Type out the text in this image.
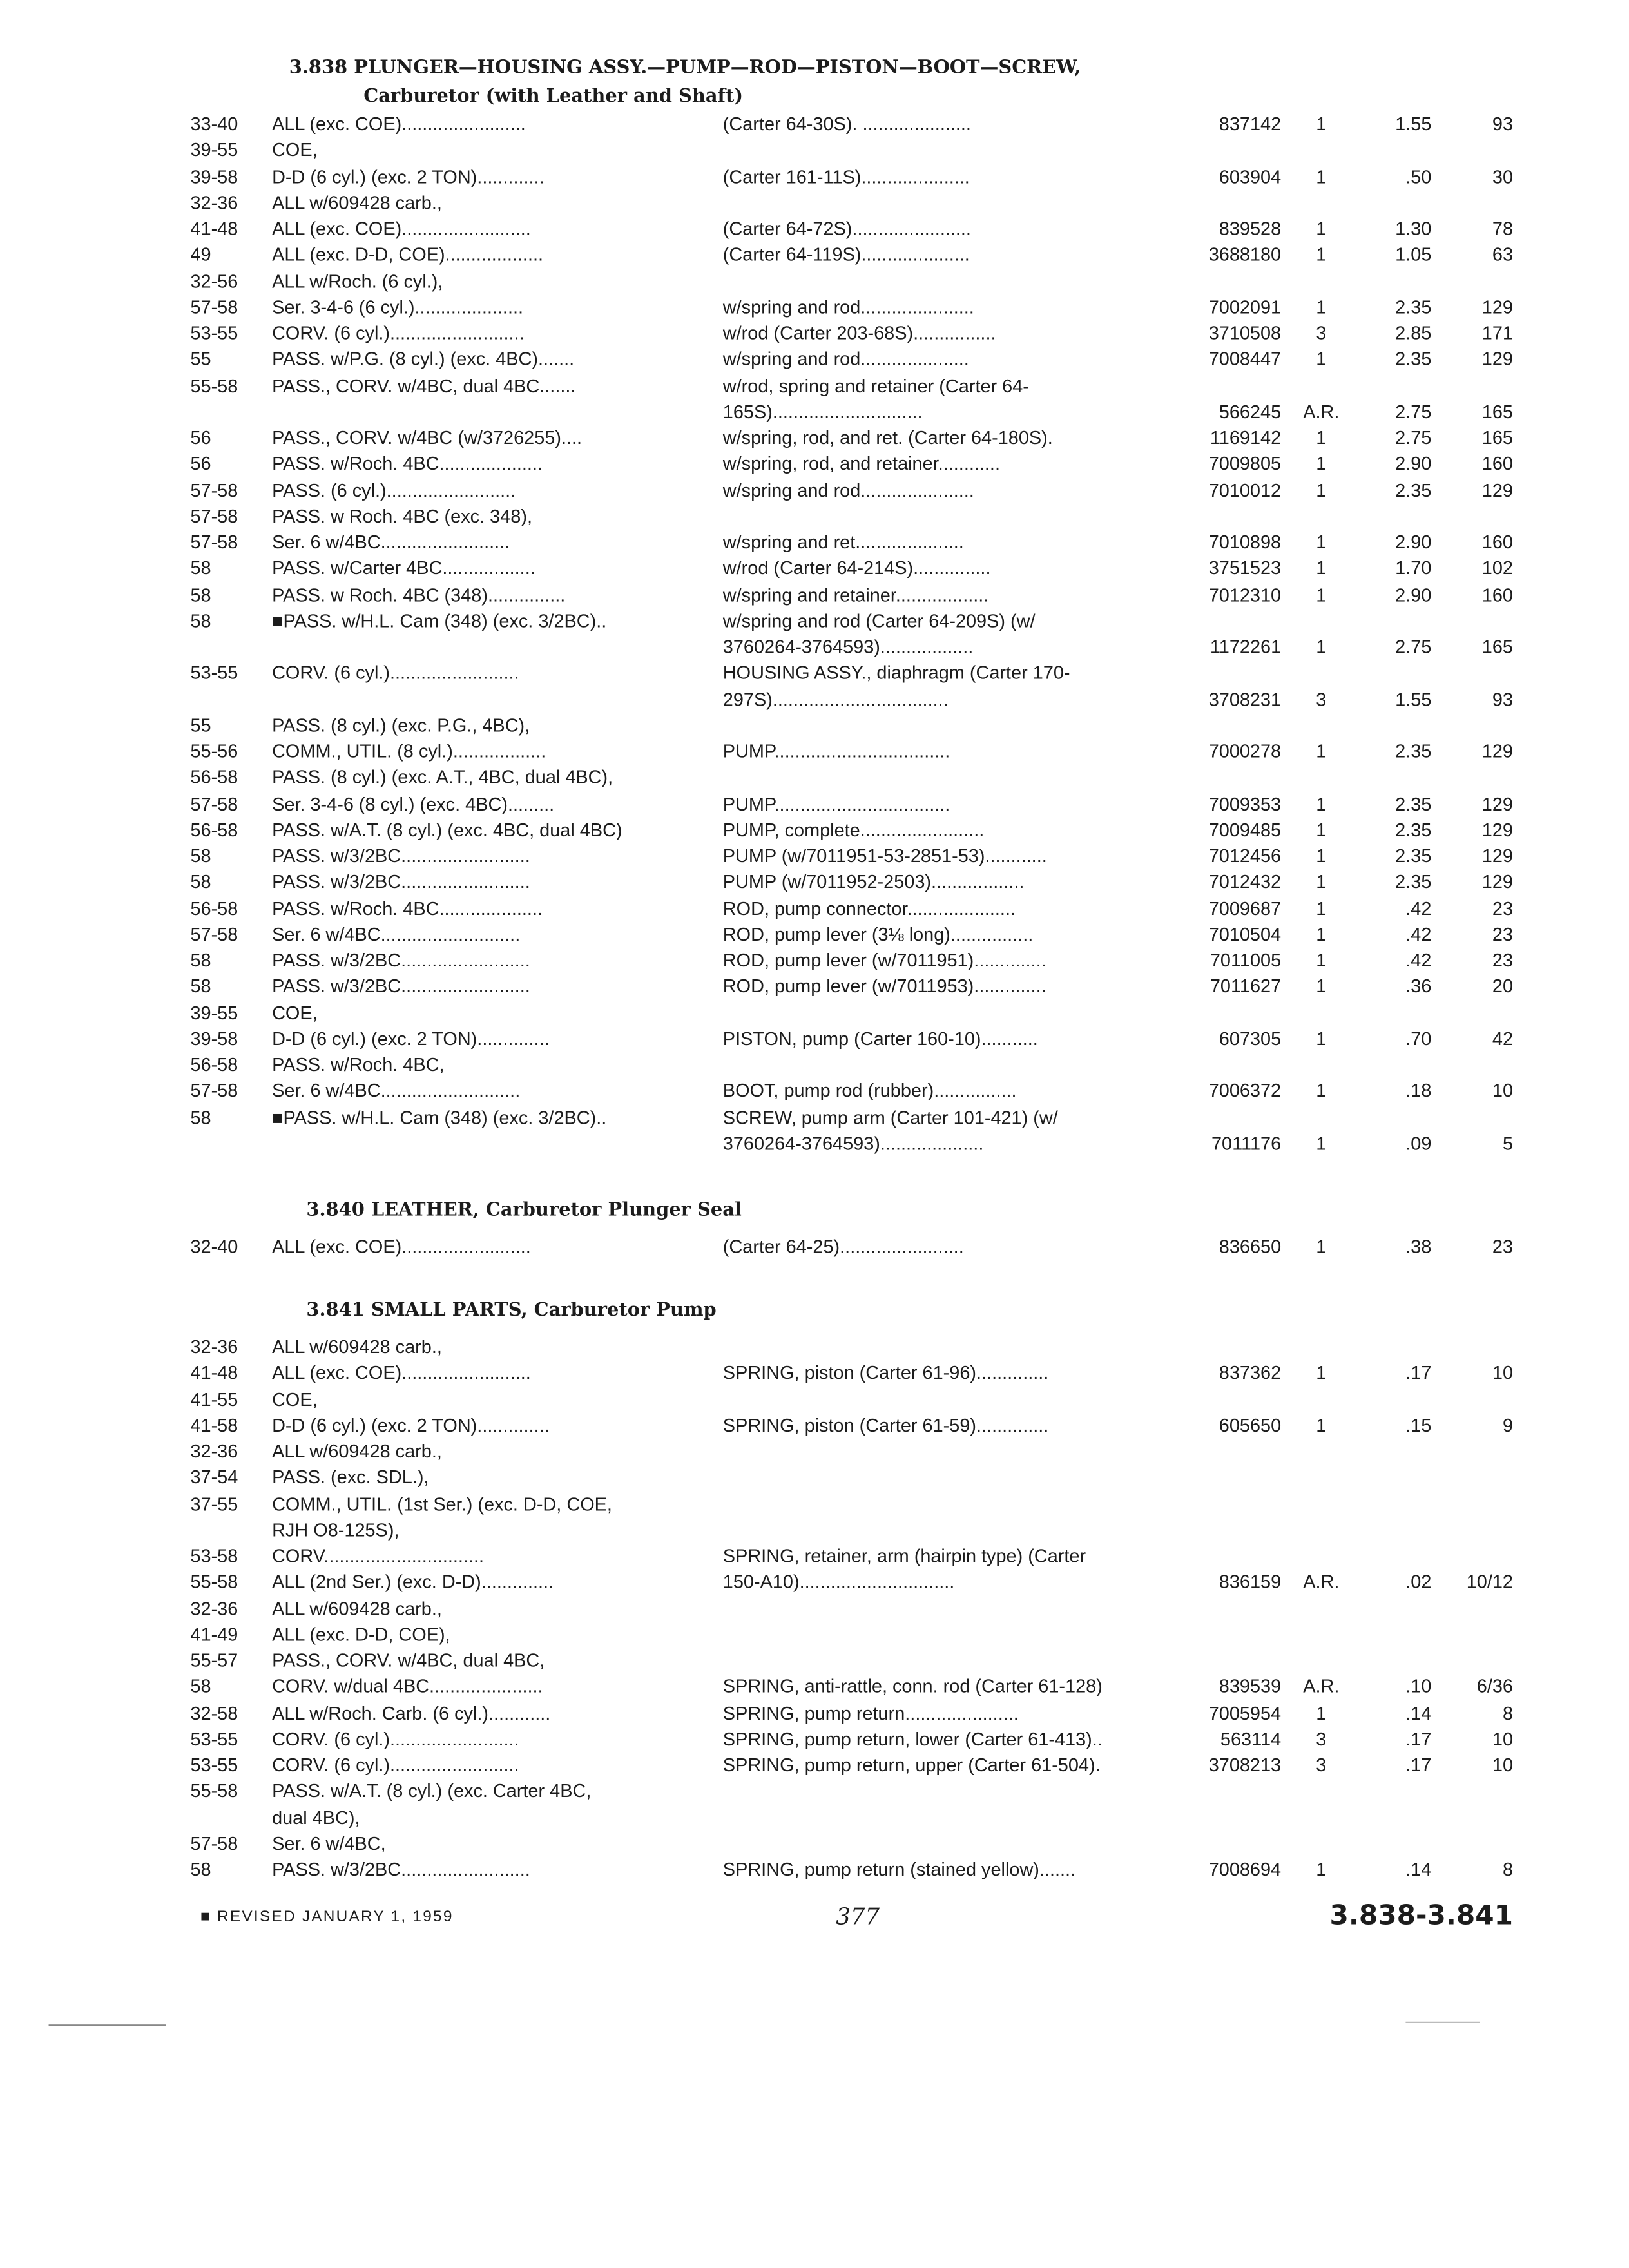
3.838 PLUNGER—HOUSING ASSY.—PUMP—ROD—PISTON—BOOT—SCREW,
Carburetor (with Leather and Shaft)
33-40	ALL (exc. COE)........................	(Carter 64-30S). .....................	837142	1	1.55	93
39-55	COE,
39-58	D-D (6 cyl.) (exc. 2 TON).............	(Carter 161-11S).....................	603904	1	.50	30
32-36	ALL w/609428 carb.,
41-48	ALL (exc. COE).........................	(Carter 64-72S).......................	839528	1	1.30	78
49	ALL (exc. D-D, COE)...................	(Carter 64-119S).....................	3688180	1	1.05	63
32-56	ALL w/Roch. (6 cyl.),
57-58	Ser. 3-4-6 (6 cyl.).....................	w/spring and rod......................	7002091	1	2.35	129
53-55	CORV. (6 cyl.)..........................	w/rod (Carter 203-68S)................	3710508	3	2.85	171
55	PASS. w/P.G. (8 cyl.) (exc. 4BC).......	w/spring and rod.....................	7008447	1	2.35	129
55-58	PASS., CORV. w/4BC, dual 4BC.......	w/rod, spring and retainer (Carter 64-
165S).............................	566245	A.R.	2.75	165
56	PASS., CORV. w/4BC (w/3726255)....	w/spring, rod, and ret. (Carter 64-180S).	1169142	1	2.75	165
56	PASS. w/Roch. 4BC....................	w/spring, rod, and retainer............	7009805	1	2.90	160
57-58	PASS. (6 cyl.).........................	w/spring and rod......................	7010012	1	2.35	129
57-58	PASS. w Roch. 4BC (exc. 348),
57-58	Ser. 6 w/4BC.........................	w/spring and ret.....................	7010898	1	2.90	160
58	PASS. w/Carter 4BC..................	w/rod (Carter 64-214S)...............	3751523	1	1.70	102
58	PASS. w Roch. 4BC (348)...............	w/spring and retainer..................	7012310	1	2.90	160
58	■PASS. w/H.L. Cam (348) (exc. 3/2BC)..	w/spring and rod (Carter 64-209S) (w/
3760264-3764593)..................	1172261	1	2.75	165
53-55	CORV. (6 cyl.).........................	HOUSING ASSY., diaphragm (Carter 170-
297S)..................................	3708231	3	1.55	93
55	PASS. (8 cyl.) (exc. P.G., 4BC),
55-56	COMM., UTIL. (8 cyl.)..................	PUMP..................................	7000278	1	2.35	129
56-58	PASS. (8 cyl.) (exc. A.T., 4BC, dual 4BC),
57-58	Ser. 3-4-6 (8 cyl.) (exc. 4BC).........	PUMP..................................	7009353	1	2.35	129
56-58	PASS. w/A.T. (8 cyl.) (exc. 4BC, dual 4BC)	PUMP, complete........................	7009485	1	2.35	129
58	PASS. w/3/2BC.........................	PUMP (w/7011951-53-2851-53)............	7012456	1	2.35	129
58	PASS. w/3/2BC.........................	PUMP (w/7011952-2503)..................	7012432	1	2.35	129
56-58	PASS. w/Roch. 4BC....................	ROD, pump connector.....................	7009687	1	.42	23
57-58	Ser. 6 w/4BC...........................	ROD, pump lever (3⅛ long)................	7010504	1	.42	23
58	PASS. w/3/2BC.........................	ROD, pump lever (w/7011951)..............	7011005	1	.42	23
58	PASS. w/3/2BC.........................	ROD, pump lever (w/7011953)..............	7011627	1	.36	20
39-55	COE,
39-58	D-D (6 cyl.) (exc. 2 TON)..............	PISTON, pump (Carter 160-10)...........	607305	1	.70	42
56-58	PASS. w/Roch. 4BC,
57-58	Ser. 6 w/4BC...........................	BOOT, pump rod (rubber)................	7006372	1	.18	10
58	■PASS. w/H.L. Cam (348) (exc. 3/2BC)..	SCREW, pump arm (Carter 101-421) (w/
3760264-3764593)....................	7011176	1	.09	5
3.840 LEATHER, Carburetor Plunger Seal
32-40	ALL (exc. COE).........................	(Carter 64-25)........................	836650	1	.38	23
3.841 SMALL PARTS, Carburetor Pump
32-36	ALL w/609428 carb.,
41-48	ALL (exc. COE).........................	SPRING, piston (Carter 61-96)..............	837362	1	.17	10
41-55	COE,
41-58	D-D (6 cyl.) (exc. 2 TON)..............	SPRING, piston (Carter 61-59)..............	605650	1	.15	9
32-36	ALL w/609428 carb.,
37-54	PASS. (exc. SDL.),
37-55	COMM., UTIL. (1st Ser.) (exc. D-D, COE,
RJH O8-125S),
53-58	CORV...............................	SPRING, retainer, arm (hairpin type) (Carter
55-58	ALL (2nd Ser.) (exc. D-D)..............	150-A10)..............................	836159	A.R.	.02	10/12
32-36	ALL w/609428 carb.,
41-49	ALL (exc. D-D, COE),
55-57	PASS., CORV. w/4BC, dual 4BC,
58	CORV. w/dual 4BC......................	SPRING, anti-rattle, conn. rod (Carter 61-128)	839539	A.R.	.10	6/36
32-58	ALL w/Roch. Carb. (6 cyl.)............	SPRING, pump return......................	7005954	1	.14	8
53-55	CORV. (6 cyl.).........................	SPRING, pump return, lower (Carter 61-413)..	563114	3	.17	10
53-55	CORV. (6 cyl.).........................	SPRING, pump return, upper (Carter 61-504).	3708213	3	.17	10
55-58	PASS. w/A.T. (8 cyl.) (exc. Carter 4BC,
dual 4BC),
57-58	Ser. 6 w/4BC,
58	PASS. w/3/2BC.........................	SPRING, pump return (stained yellow).......	7008694	1	.14	8
■ REVISED JANUARY 1, 1959	377	3.838-3.841
